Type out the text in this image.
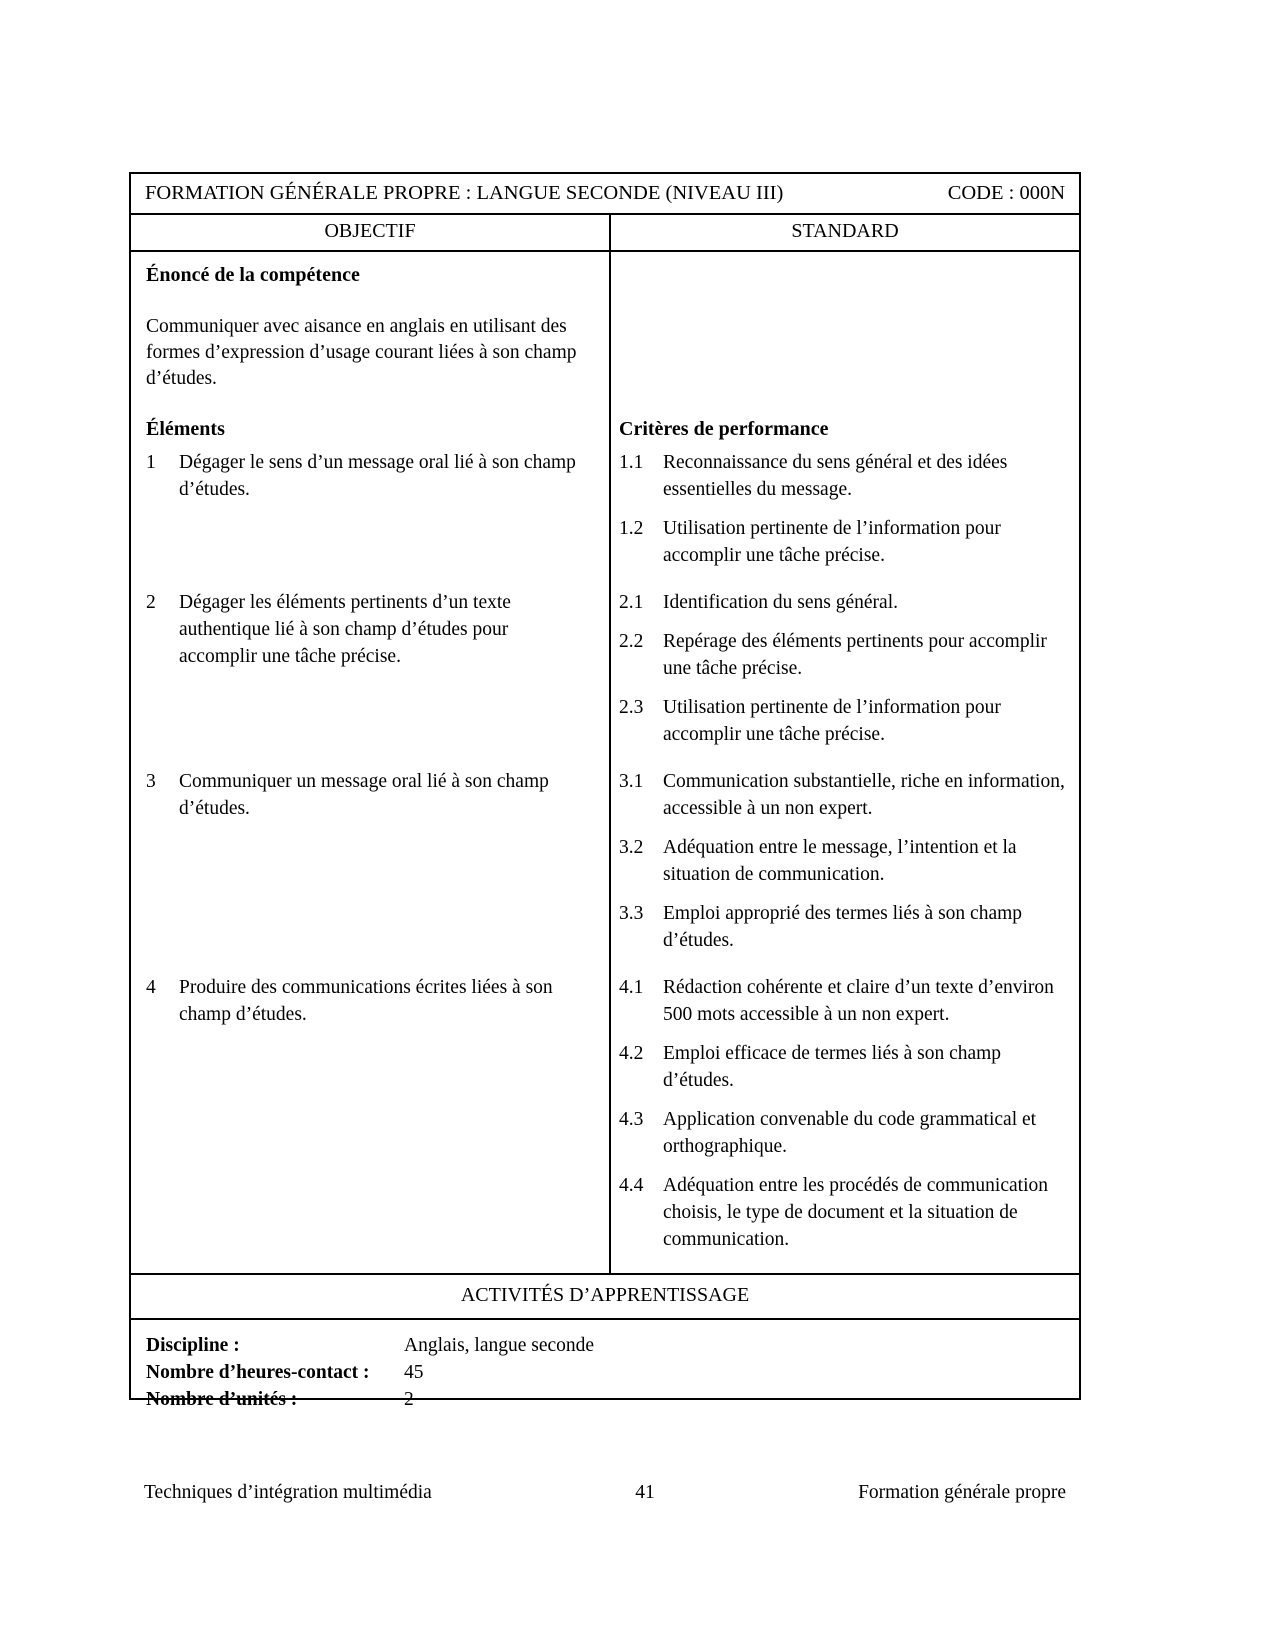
FORMATION GÉNÉRALE PROPRE : LANGUE SECONDE (NIVEAU III)	CODE : 000N
OBJECTIF	STANDARD
Énoncé de la compétence

Communiquer avec aisance en anglais en utilisant des formes d’expression d’usage courant liées à son champ d’études.

Éléments	Critères de performance
1	Dégager le sens d’un message oral lié à son champ d’études.
1.1	Reconnaissance du sens général et des idées essentielles du message.
1.2	Utilisation pertinente de l’information pour accomplir une tâche précise.
2	Dégager les éléments pertinents d’un texte authentique lié à son champ d’études pour accomplir une tâche précise.
2.1	Identification du sens général.
2.2	Repérage des éléments pertinents pour accomplir une tâche précise.
2.3	Utilisation pertinente de l’information pour accomplir une tâche précise.
3	Communiquer un message oral lié à son champ d’études.
3.1	Communication substantielle, riche en information, accessible à un non expert.
3.2	Adéquation entre le message, l’intention et la situation de communication.
3.3	Emploi approprié des termes liés à son champ d’études.
4	Produire des communications écrites liées à son champ d’études.
4.1	Rédaction cohérente et claire d’un texte d’environ 500 mots accessible à un non expert.
4.2	Emploi efficace de termes liés à son champ d’études.
4.3	Application convenable du code grammatical et orthographique.
4.4	Adéquation entre les procédés de communication choisis, le type de document et la situation de communication.
ACTIVITÉS D’APPRENTISSAGE
Discipline :	Anglais, langue seconde
Nombre d’heures-contact :	45
Nombre d’unités :	2
Techniques d’intégration multimédia	41	Formation générale propre
